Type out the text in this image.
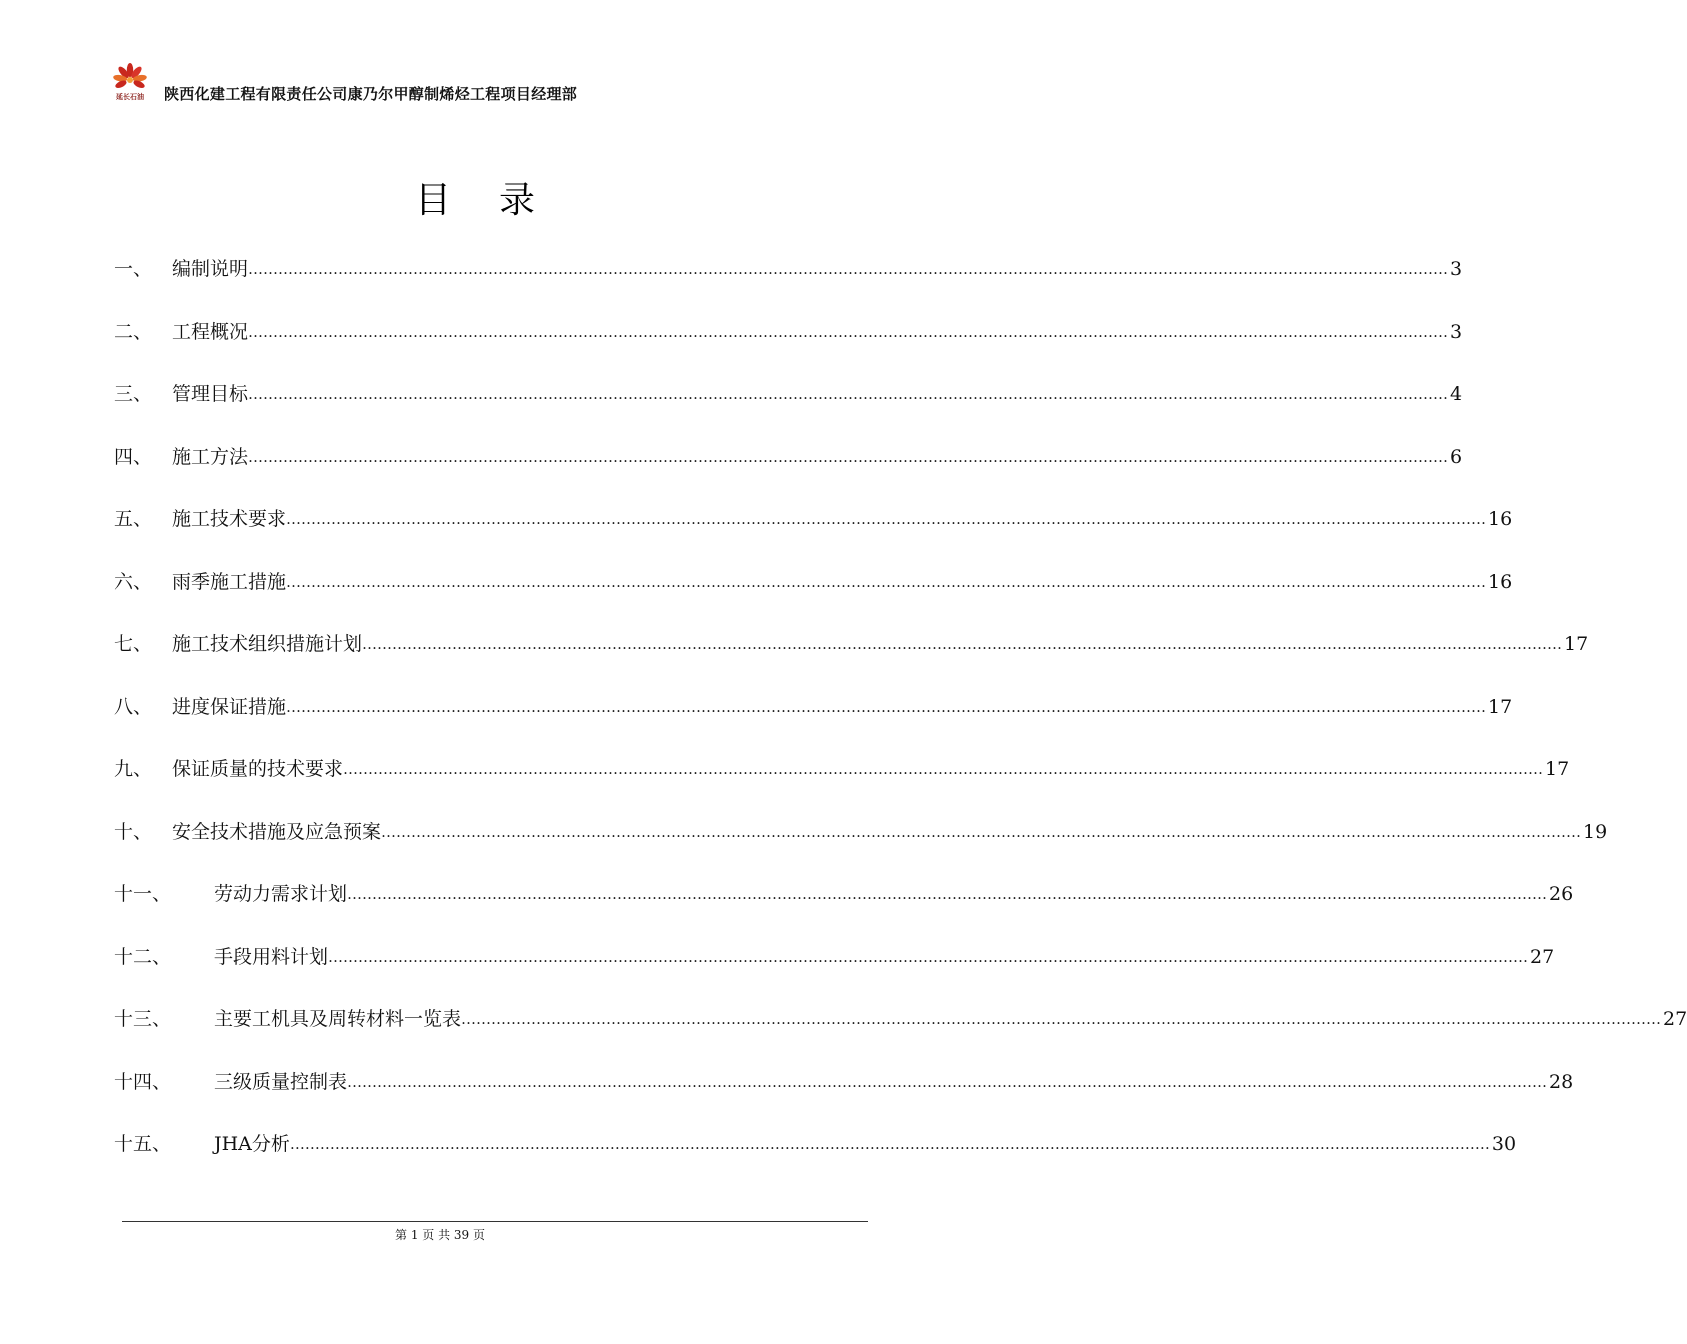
延长石油	陕西化建工程有限责任公司康乃尔甲醇制烯烃工程项目经理部
目录
一、 编制说明 …………………………………………………………………………………………………………………………………………………………………………………………………………………… 3
二、 工程概况 …………………………………………………………………………………………………………………………………………………………………………………………………………………… 3
三、 管理目标 …………………………………………………………………………………………………………………………………………………………………………………………………………………… 4
四、 施工方法 …………………………………………………………………………………………………………………………………………………………………………………………………………………… 6
五、 施工技术要求 …………………………………………………………………………………………………………………………………………………………………………………………………………………… 16
六、 雨季施工措施 …………………………………………………………………………………………………………………………………………………………………………………………………………………… 16
七、 施工技术组织措施计划 …………………………………………………………………………………………………………………………………………………………………………………………………………………… 17
八、 进度保证措施 …………………………………………………………………………………………………………………………………………………………………………………………………………………… 17
九、 保证质量的技术要求 …………………………………………………………………………………………………………………………………………………………………………………………………………………… 17
十、 安全技术措施及应急预案 …………………………………………………………………………………………………………………………………………………………………………………………………………………… 19
十一、 劳动力需求计划 …………………………………………………………………………………………………………………………………………………………………………………………………………………… 26
十二、 手段用料计划 …………………………………………………………………………………………………………………………………………………………………………………………………………………… 27
十三、 主要工机具及周转材料一览表 …………………………………………………………………………………………………………………………………………………………………………………………………………………… 27
十四、 三级质量控制表 …………………………………………………………………………………………………………………………………………………………………………………………………………………… 28
十五、 JHA分析 …………………………………………………………………………………………………………………………………………………………………………………………………………………… 30
第 1 页 共 39 页
